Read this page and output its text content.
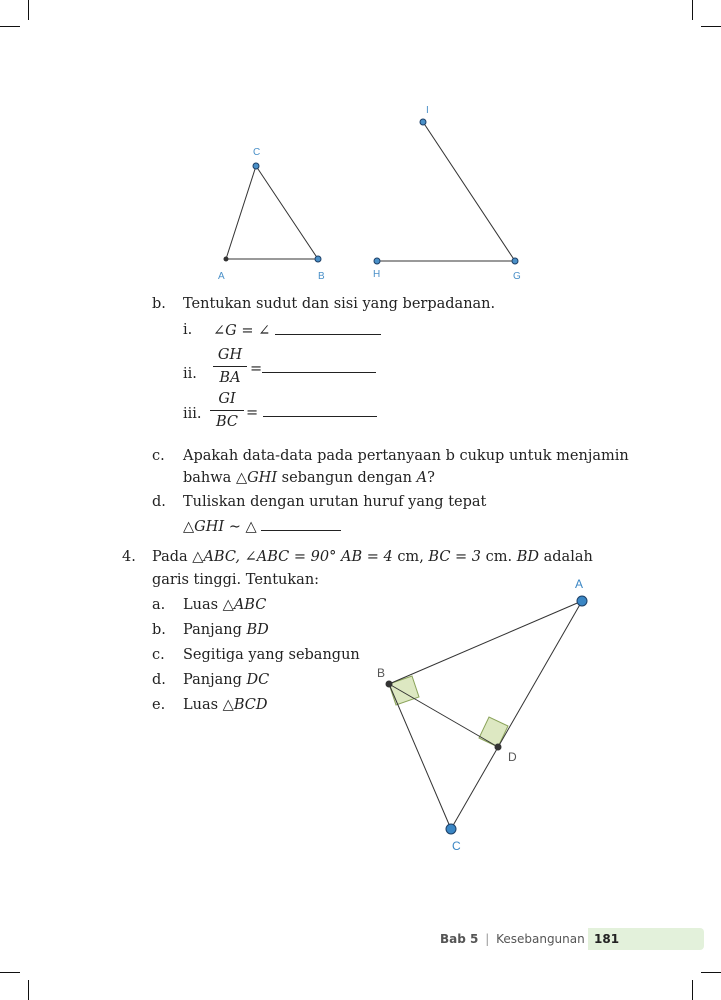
A	B
C
H	G
I
b. Tentukan sudut dan sisi yang berpadanan.
i. ∠G = ∠
ii. $\frac{GH}{BA}$ =
iii. $\frac{GI}{BC}$ =
c. Apakah data-data pada pertanyaan b cukup untuk menjamin
bahwa △GHI sebangun dengan A?
d. Tuliskan dengan urutan huruf yang tepat
△GHI ∼ △
4. Pada △ABC, ∠ABC = 90° AB = 4 cm, BC = 3 cm. BD adalah
garis tinggi. Tentukan:
a. Luas △ABC
b. Panjang BD
c. Segitiga yang sebangun
d. Panjang DC
e. Luas △BCD
A
B
C
D
Bab 5 | Kesebangunan 181
